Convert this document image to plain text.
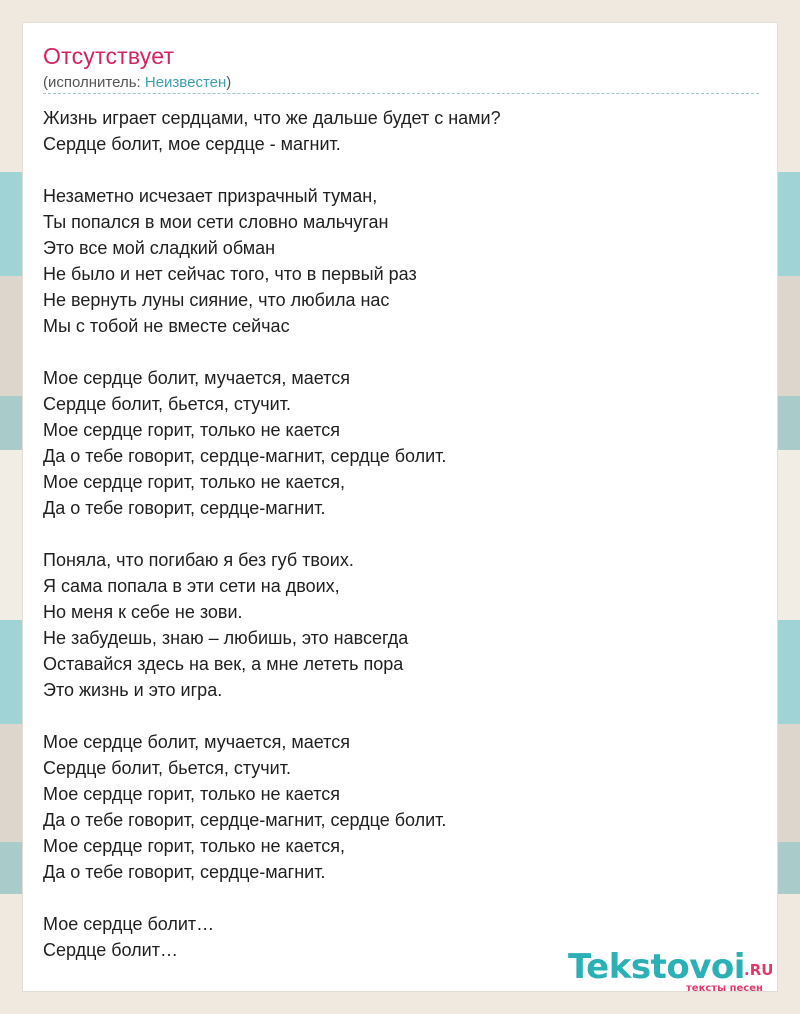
Отсутствует
(исполнитель: Неизвестен)
Жизнь играет сердцами, что же дальше будет с нами?
Сердце болит, мое сердце - магнит.
Незаметно исчезает призрачный туман,
Ты попался в мои сети словно мальчуган
Это все мой сладкий обман
Не было и нет сейчас того, что в первый раз
Не вернуть луны сияние, что любила нас
Мы с тобой не вместе сейчас
Мое сердце болит, мучается, мается
Сердце болит, бьется, стучит.
Мое сердце горит, только не кается
Да о тебе говорит, сердце-магнит, сердце болит.
Мое сердце горит, только не кается,
Да о тебе говорит, сердце-магнит.
Поняла, что погибаю я без губ твоих.
Я сама попала в эти сети на двоих,
Но меня к себе не зови.
Не забудешь, знаю – любишь, это навсегда
Оставайся здесь на век, а мне лететь пора
Это жизнь и это игра.
Мое сердце болит, мучается, мается
Сердце болит, бьется, стучит.
Мое сердце горит, только не кается
Да о тебе говорит, сердце-магнит, сердце болит.
Мое сердце горит, только не кается,
Да о тебе говорит, сердце-магнит.
Мое сердце болит…
Сердце болит…	Tekstovoi .RU
тексты песен
